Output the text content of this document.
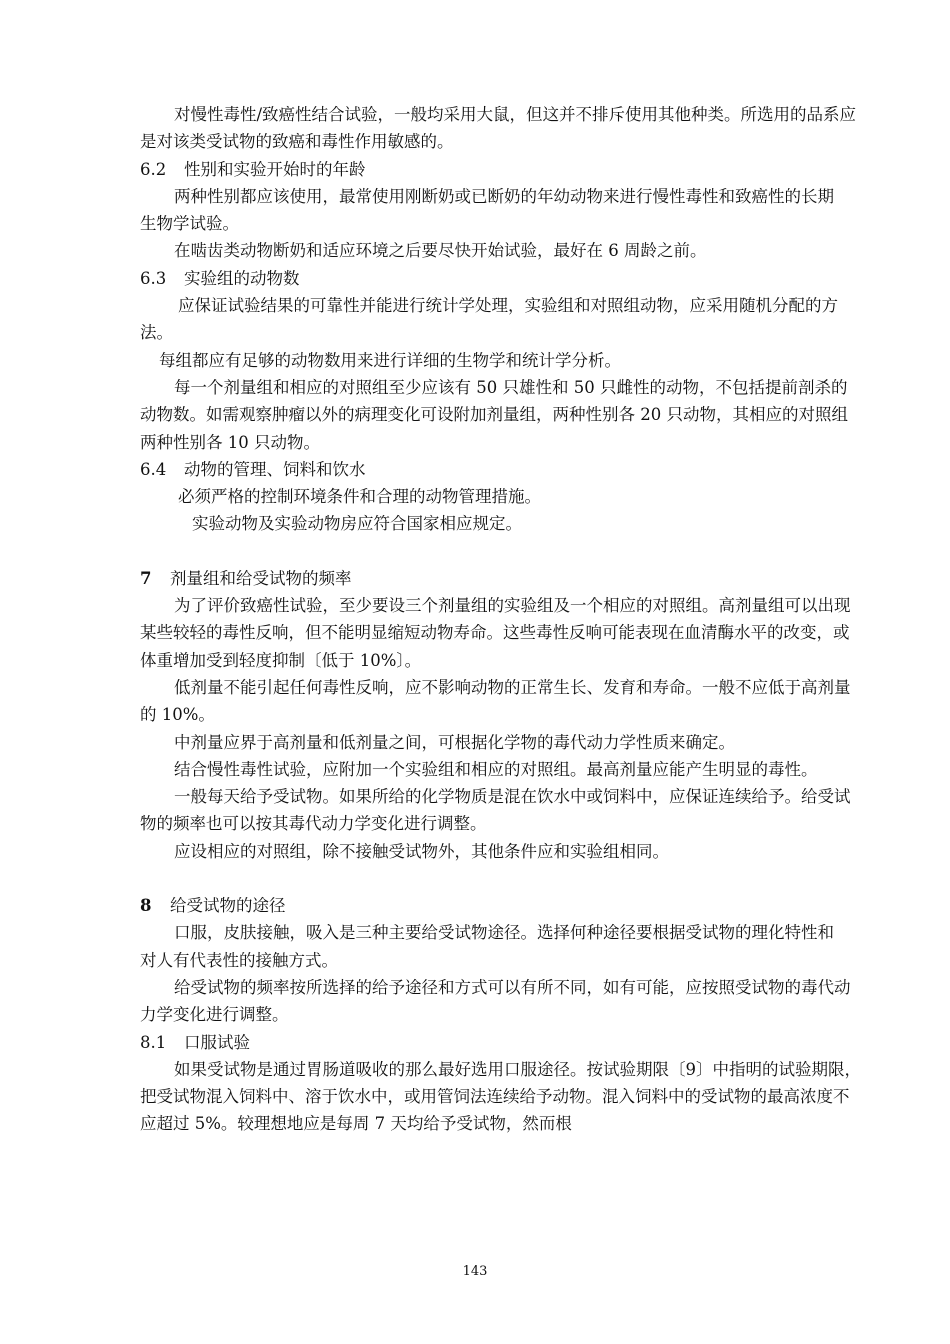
对慢性毒性/致癌性结合试验，一般均采用大鼠，但这并不排斥使用其他种类。所选用的品系应是对该类受试物的致癌和毒性作用敏感的。

6.2 性别和实验开始时的年龄

两种性别都应该使用，最常使用刚断奶或已断奶的年幼动物来进行慢性毒性和致癌性的长期

生物学试验。

在啮齿类动物断奶和适应环境之后要尽快开始试验，最好在 6 周龄之前。

6.3 实验组的动物数

应保证试验结果的可靠性并能进行统计学处理，实验组和对照组动物，应采用随机分配的方法。

每组都应有足够的动物数用来进行详细的生物学和统计学分析。

每一个剂量组和相应的对照组至少应该有 50 只雄性和 50 只雌性的动物，不包括提前剖杀的动物数。如需观察肿瘤以外的病理变化可设附加剂量组，两种性别各 20 只动物，其相应的对照组两种性别各 10 只动物。

6.4 动物的管理、饲料和饮水

必须严格的控制环境条件和合理的动物管理措施。

实验动物及实验动物房应符合国家相应规定。

7 剂量组和给受试物的频率

为了评价致癌性试验，至少要设三个剂量组的实验组及一个相应的对照组。高剂量组可以出现某些较轻的毒性反响，但不能明显缩短动物寿命。这些毒性反响可能表现在血清酶水平的改变，或体重增加受到轻度抑制〔低于 10%〕。

低剂量不能引起任何毒性反响，应不影响动物的正常生长、发育和寿命。一般不应低于高剂量的 10%。

中剂量应界于高剂量和低剂量之间，可根据化学物的毒代动力学性质来确定。

结合慢性毒性试验，应附加一个实验组和相应的对照组。最高剂量应能产生明显的毒性。

一般每天给予受试物。如果所给的化学物质是混在饮水中或饲料中，应保证连续给予。给受试物的频率也可以按其毒代动力学变化进行调整。

应设相应的对照组，除不接触受试物外，其他条件应和实验组相同。

8 给受试物的途径

口服，皮肤接触，吸入是三种主要给受试物途径。选择何种途径要根据受试物的理化特性和

对人有代表性的接触方式。

给受试物的频率按所选择的给予途径和方式可以有所不同，如有可能，应按照受试物的毒代动力学变化进行调整。

8.1 口服试验

如果受试物是通过胃肠道吸收的那么最好选用口服途径。按试验期限〔9〕中指明的试验期限，把受试物混入饲料中、溶于饮水中，或用管饲法连续给予动物。混入饲料中的受试物的最高浓度不应超过 5%。较理想地应是每周 7 天均给予受试物，然而根

143
